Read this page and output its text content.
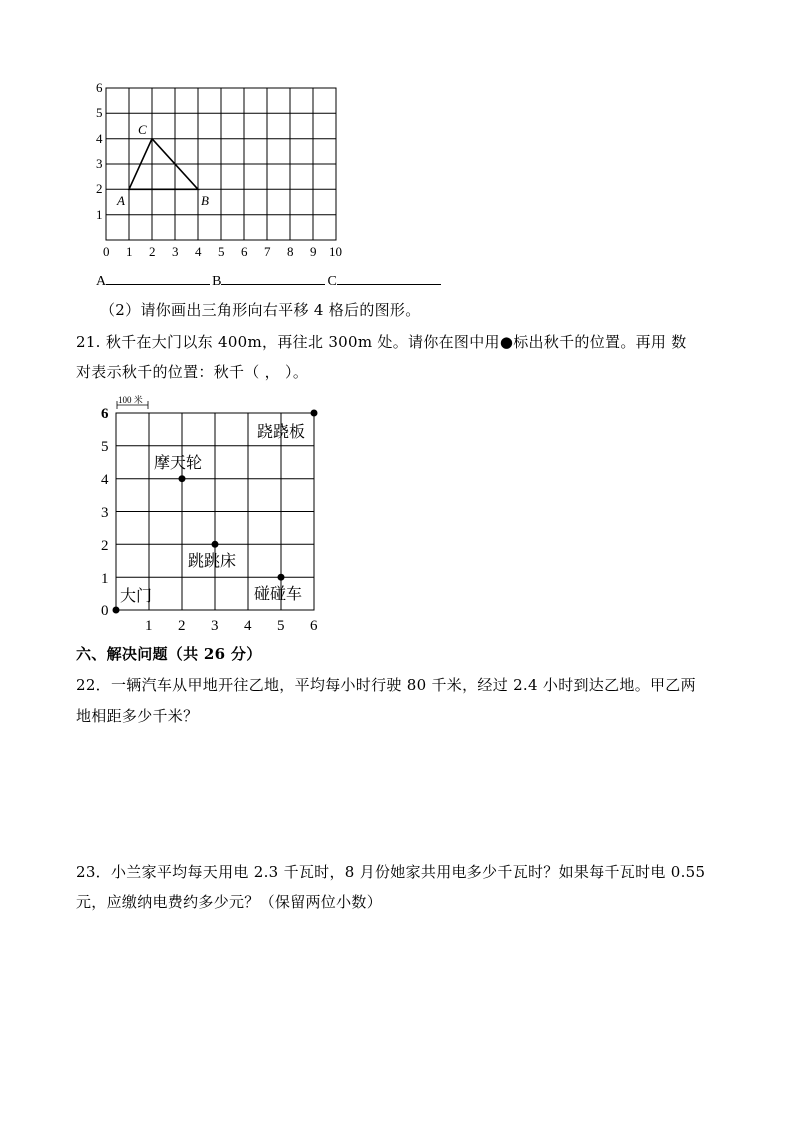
6
5
4
3
2
1
0 1 2 3 4 5 6 7 8 9 10
A	B
C
A	B	C
（2）请你画出三角形向右平移 4 格后的图形。
21. 秋千在大门以东 400m，再往北 300m 处。请你在图中用●标出秋千的位置。再用 数
对表示秋千的位置：秋千（ ， ）。
100 米
6
5
4
3
2
1
0
1 2 3 4 5 6
跷跷板
摩天轮
跳跳床
碰碰车
大门
六、解决问题（共 26 分）
22．一辆汽车从甲地开往乙地，平均每小时行驶 80 千米，经过 2.4 小时到达乙地。甲乙两
地相距多少千米？
23．小兰家平均每天用电 2.3 千瓦时，8 月份她家共用电多少千瓦时？如果每千瓦时电 0.55
元，应缴纳电费约多少元？（保留两位小数）
